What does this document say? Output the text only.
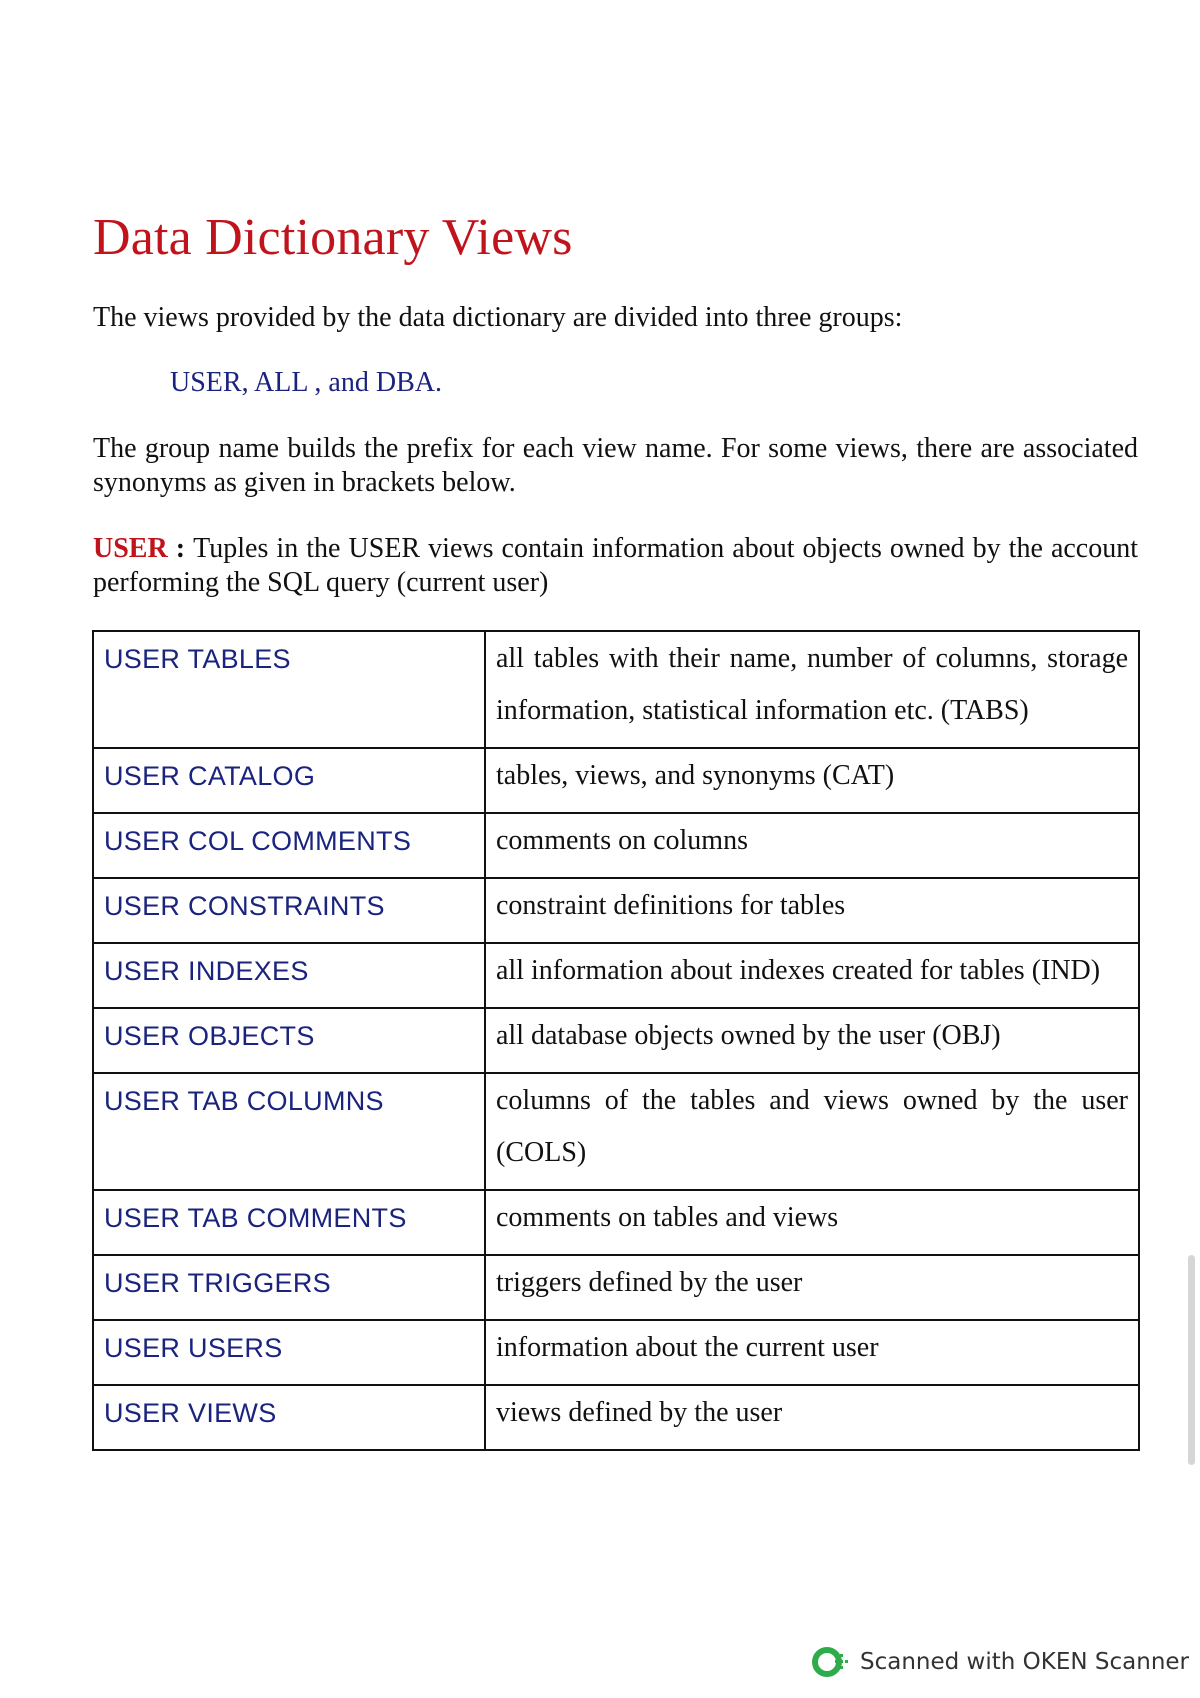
Data Dictionary Views

The views provided by the data dictionary are divided into three groups:

USER, ALL , and DBA.

The group name builds the prefix for each view name. For some views, there are associated synonyms as given in brackets below.

USER : Tuples in the USER views contain information about objects owned by the account performing the SQL query (current user)

USER TABLES	all tables with their name, number of columns, storage information, statistical information etc. (TABS)
USER CATALOG	tables, views, and synonyms (CAT)
USER COL COMMENTS	comments on columns
USER CONSTRAINTS	constraint definitions for tables
USER INDEXES	all information about indexes created for tables (IND)
USER OBJECTS	all database objects owned by the user (OBJ)
USER TAB COLUMNS	columns of the tables and views owned by the user (COLS)
USER TAB COMMENTS	comments on tables and views
USER TRIGGERS	triggers defined by the user
USER USERS	information about the current user
USER VIEWS	views defined by the user
Scanned with OKEN Scanner
